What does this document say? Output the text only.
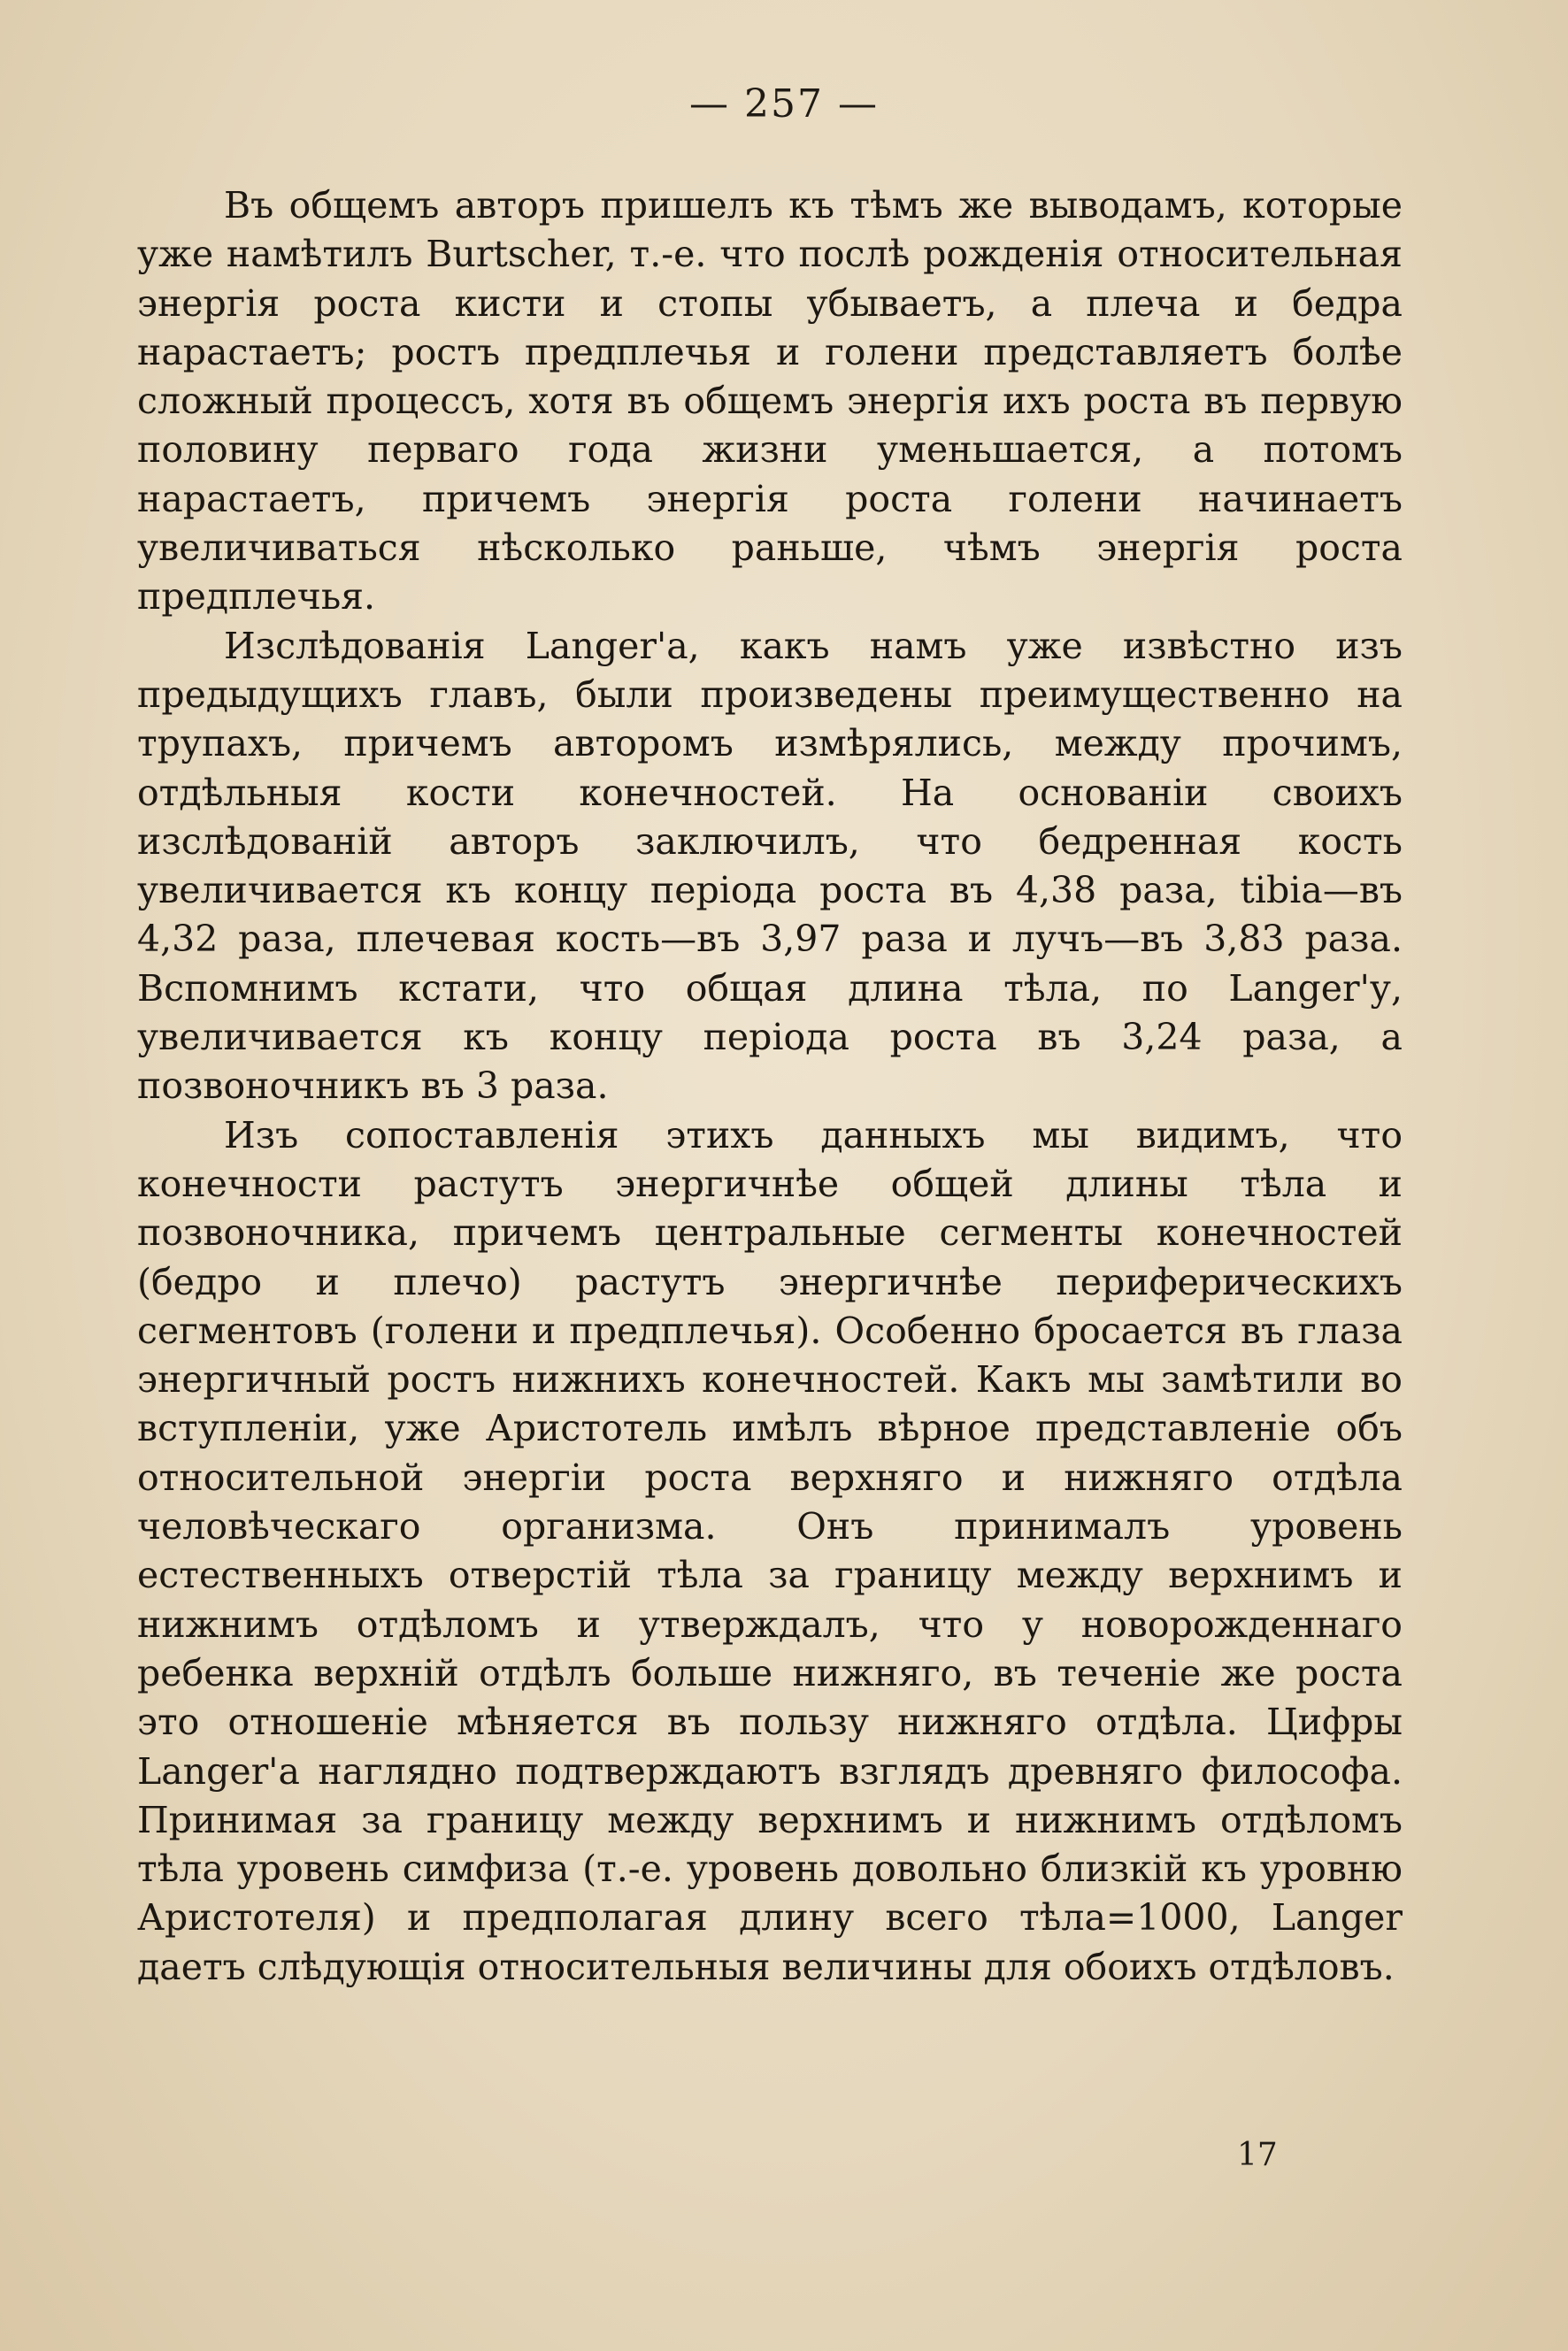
— 257 —

Въ общемъ авторъ пришелъ къ тѣмъ же выводамъ, которые уже намѣтилъ Burtscher, т.-е. что послѣ рожденія относительная энергія роста кисти и стопы убываетъ, а плеча и бедра нарастаетъ; ростъ предплечья и голени представляетъ болѣе сложный процессъ, хотя въ общемъ энергія ихъ роста въ первую половину перваго года жизни уменьшается, а потомъ нарастаетъ, причемъ энергія роста голени начинаетъ увеличиваться нѣсколько раньше, чѣмъ энергія роста предплечья.

Изслѣдованія Langer'а, какъ намъ уже извѣстно изъ предыдущихъ главъ, были произведены преимущественно на трупахъ, причемъ авторомъ измѣрялись, между прочимъ, отдѣльныя кости конечностей. На основаніи своихъ изслѣдованій авторъ заключилъ, что бедренная кость увеличивается къ концу періода роста въ 4,38 раза, tibia—въ 4,32 раза, плечевая кость—въ 3,97 раза и лучъ—въ 3,83 раза. Вспомнимъ кстати, что общая длина тѣла, по Langer'у, увеличивается къ концу періода роста въ 3,24 раза, а позвоночникъ въ 3 раза.

Изъ сопоставленія этихъ данныхъ мы видимъ, что конечности растутъ энергичнѣе общей длины тѣла и позвоночника, причемъ центральные сегменты конечностей (бедро и плечо) растутъ энергичнѣе периферическихъ сегментовъ (голени и предплечья). Особенно бросается въ глаза энергичный ростъ нижнихъ конечностей. Какъ мы замѣтили во вступленіи, уже Аристотель имѣлъ вѣрное представленіе объ относительной энергіи роста верхняго и нижняго отдѣла человѣческаго организма. Онъ принималъ уровень естественныхъ отверстій тѣла за границу между верхнимъ и нижнимъ отдѣломъ и утверждалъ, что у новорожденнаго ребенка верхній отдѣлъ больше нижняго, въ теченіе же роста это отношеніе мѣняется въ пользу нижняго отдѣла. Цифры Langer'а наглядно подтверждаютъ взглядъ древняго философа. Принимая за границу между верхнимъ и нижнимъ отдѣломъ тѣла уровень симфиза (т.-е. уровень довольно близкій къ уровню Аристотеля) и предполагая длину всего тѣла=1000, Langer даетъ слѣдующія относительныя величины для обоихъ отдѣловъ.

17
